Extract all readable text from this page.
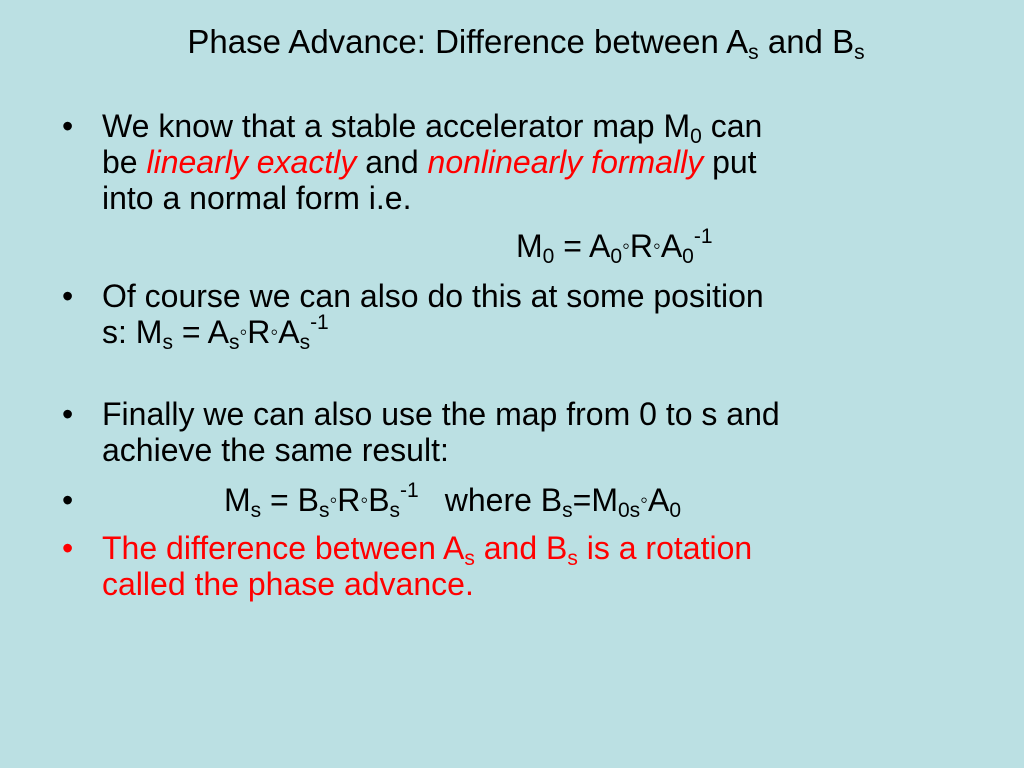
Phase Advance: Difference between $A_s$ and $B_s$
• We know that a stable accelerator map $M_0$ can
be linearly exactly and nonlinearly formally put
into a normal form i.e.
$M_0$ = $A_0◦R◦A_0^{-1}$
• Of course we can also do this at some position
s: $M_s$ = $A_s◦R◦A_s^{-1}$
• Finally we can also use the map from 0 to s and
achieve the same result:
•	$M_s$ = $B_s◦R◦B_s^{-1}$ where $B_s=M_{0s}◦A_0$
• The difference between $A_s$ and $B_s$ is a rotation
called the phase advance.
